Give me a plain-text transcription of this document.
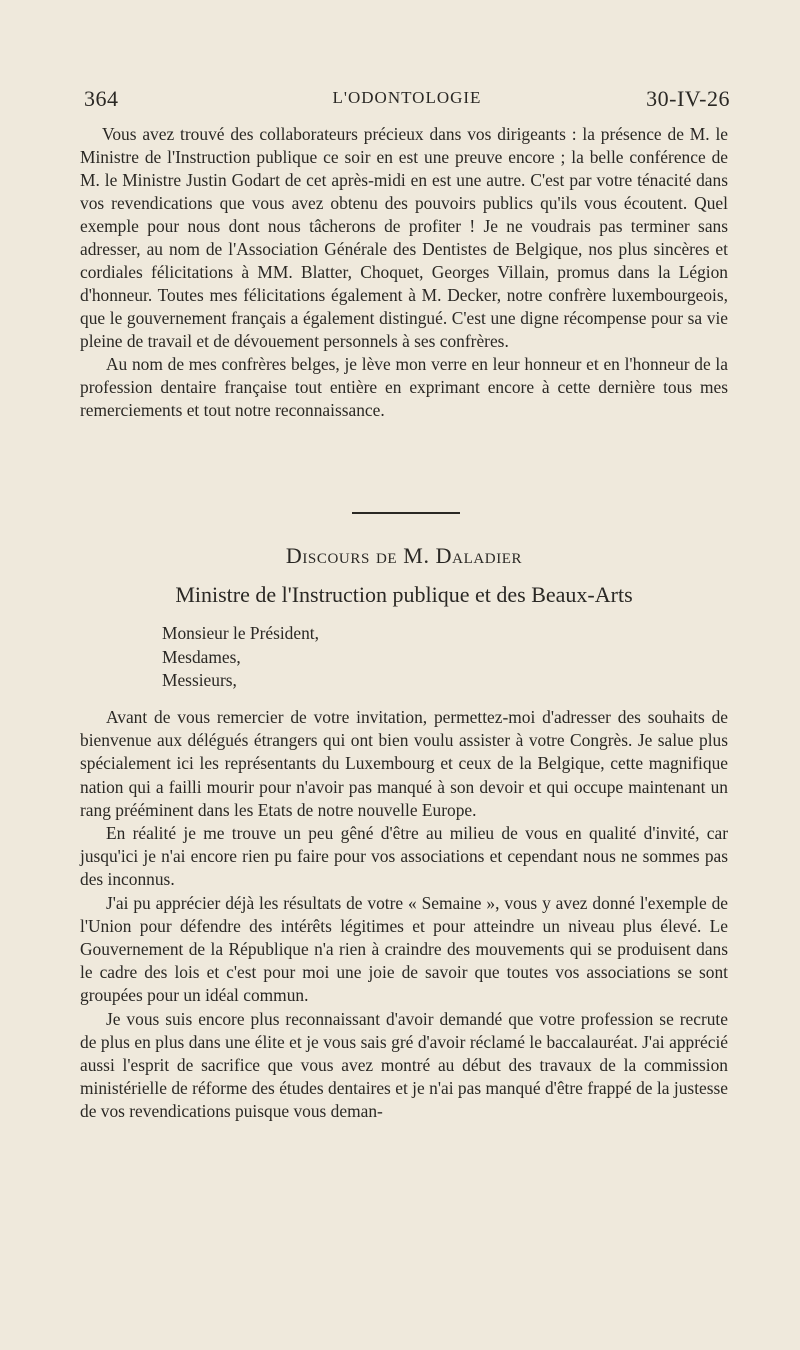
364	L'ODONTOLOGIE	30-IV-26

Vous avez trouvé des collaborateurs précieux dans vos dirigeants : la présence de M. le Ministre de l'Instruction publique ce soir en est une preuve encore ; la belle conférence de M. le Ministre Justin Godart de cet après-midi en est une autre. C'est par votre ténacité dans vos revendications que vous avez obtenu des pouvoirs publics qu'ils vous écoutent. Quel exemple pour nous dont nous tâcherons de profiter ! Je ne voudrais pas terminer sans adresser, au nom de l'Association Générale des Dentistes de Belgique, nos plus sincères et cordiales félicitations à MM. Blatter, Choquet, Georges Villain, promus dans la Légion d'honneur. Toutes mes félicitations également à M. Decker, notre confrère luxembourgeois, que le gouvernement français a également distingué. C'est une digne récompense pour sa vie pleine de travail et de dévouement personnels à ses confrères.

Au nom de mes confrères belges, je lève mon verre en leur honneur et en l'honneur de la profession dentaire française tout entière en exprimant encore à cette dernière tous mes remerciements et tout notre reconnaissance.

Discours de M. Daladier
Ministre de l'Instruction publique et des Beaux-Arts
Monsieur le Président,
Mesdames,
Messieurs,

Avant de vous remercier de votre invitation, permettez-moi d'adresser des souhaits de bienvenue aux délégués étrangers qui ont bien voulu assister à votre Congrès. Je salue plus spécialement ici les représentants du Luxembourg et ceux de la Belgique, cette magnifique nation qui a failli mourir pour n'avoir pas manqué à son devoir et qui occupe maintenant un rang prééminent dans les Etats de notre nouvelle Europe.

En réalité je me trouve un peu gêné d'être au milieu de vous en qualité d'invité, car jusqu'ici je n'ai encore rien pu faire pour vos associations et cependant nous ne sommes pas des inconnus.

J'ai pu apprécier déjà les résultats de votre « Semaine », vous y avez donné l'exemple de l'Union pour défendre des intérêts légitimes et pour atteindre un niveau plus élevé. Le Gouvernement de la République n'a rien à craindre des mouvements qui se produisent dans le cadre des lois et c'est pour moi une joie de savoir que toutes vos associations se sont groupées pour un idéal commun.

Je vous suis encore plus reconnaissant d'avoir demandé que votre profession se recrute de plus en plus dans une élite et je vous sais gré d'avoir réclamé le baccalauréat. J'ai apprécié aussi l'esprit de sacrifice que vous avez montré au début des travaux de la commission ministérielle de réforme des études dentaires et je n'ai pas manqué d'être frappé de la justesse de vos revendications puisque vous deman-
